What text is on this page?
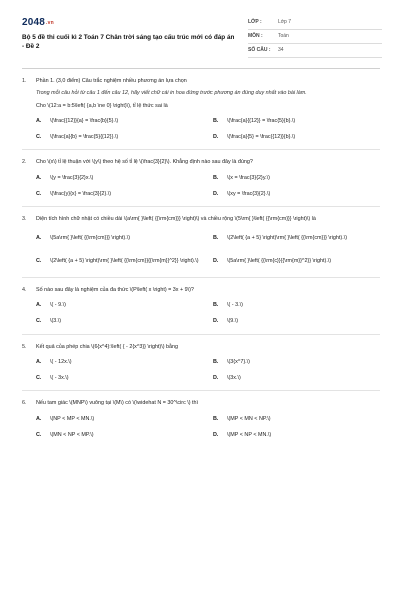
2048.vn
Bộ 5 đề thi cuối kì 2 Toán 7 Chân trời sáng tạo cấu trúc mới có đáp án - Đề 2
LỚP :	Lớp 7
MÔN :	Toán
SỐ CÂU :	34
1. Phần 1. (3,0 điểm) Câu trắc nghiệm nhiều phương án lựa chọn
Trong mỗi câu hỏi từ câu 1 đến câu 12, hãy viết chữ cái in hoa đứng trước phương án đúng duy nhất vào bài làm.
Cho \(12:a = b:5\left( {a,b \ne 0} \right)\), tỉ lệ thức sai là
A.	\(\frac{{12}}{a} = \frac{b}{5}.\)	B.	\(\frac{a}{{12}} = \frac{5}{b}.\)
C.	\(\frac{a}{b} = \frac{5}{{12}}.\)	D.	\(\frac{a}{5} = \frac{{12}}{b}.\)
2. Cho \(x\) tỉ lệ thuận với \(y\) theo hệ số tỉ lệ \(\frac{3}{2}\). Khẳng định nào sau đây là đúng?
A.	\(y = \frac{3}{2}x.\)	B.	\(x = \frac{3}{2}y.\)
C.	\(\frac{y}{x} = \frac{3}{2}.\)	D.	\(xy = \frac{3}{2}.\)
3. Diện tích hình chữ nhật có chiều dài \(a\rm{ }\left( {{\rm{cm}}} \right)\) và chiều rộng \(5\rm{ }\left( {{\rm{cm}}} \right)\) là
A.	\(5a\rm{ }\left( {{\rm{cm}}} \right).\)	B.	\(2\left( {a + 5} \right)\rm{ }\left( {{\rm{cm}}} \right).\)
C.	\(2\left( {a + 5} \right)\rm{ }\left( {{\rm{cm}}{{\rm{m}}^2}} \right).\)	D.	\(5a\rm{ }\left( {{\rm{c}}{{\rm{m}}^2}} \right).\)
4. Số nào sau đây là nghiệm của đa thức \(P\left( x \right) = 3x + 9\)?
A.	\( - 9.\)	B.	\( - 3.\)
C.	\(3.\)	D.	\(9.\)
5. Kết quả của phép chia \(6{x^4}:\left( { - 2{x^3}} \right)\) bằng
A.	\( - 12x.\)	B.	\(3{x^7}.\)
C.	\( - 3x.\)	D.	\(3x.\)
6. Nếu tam giác \(MNP\) vuông tại \(M\) có \(\widehat N = 30^\circ \) thì
A.	\(NP < MP < MN.\)	B.	\(MP < MN < NP.\)
C.	\(MN < NP < MP.\)	D.	\(MP < NP < MN.\)
